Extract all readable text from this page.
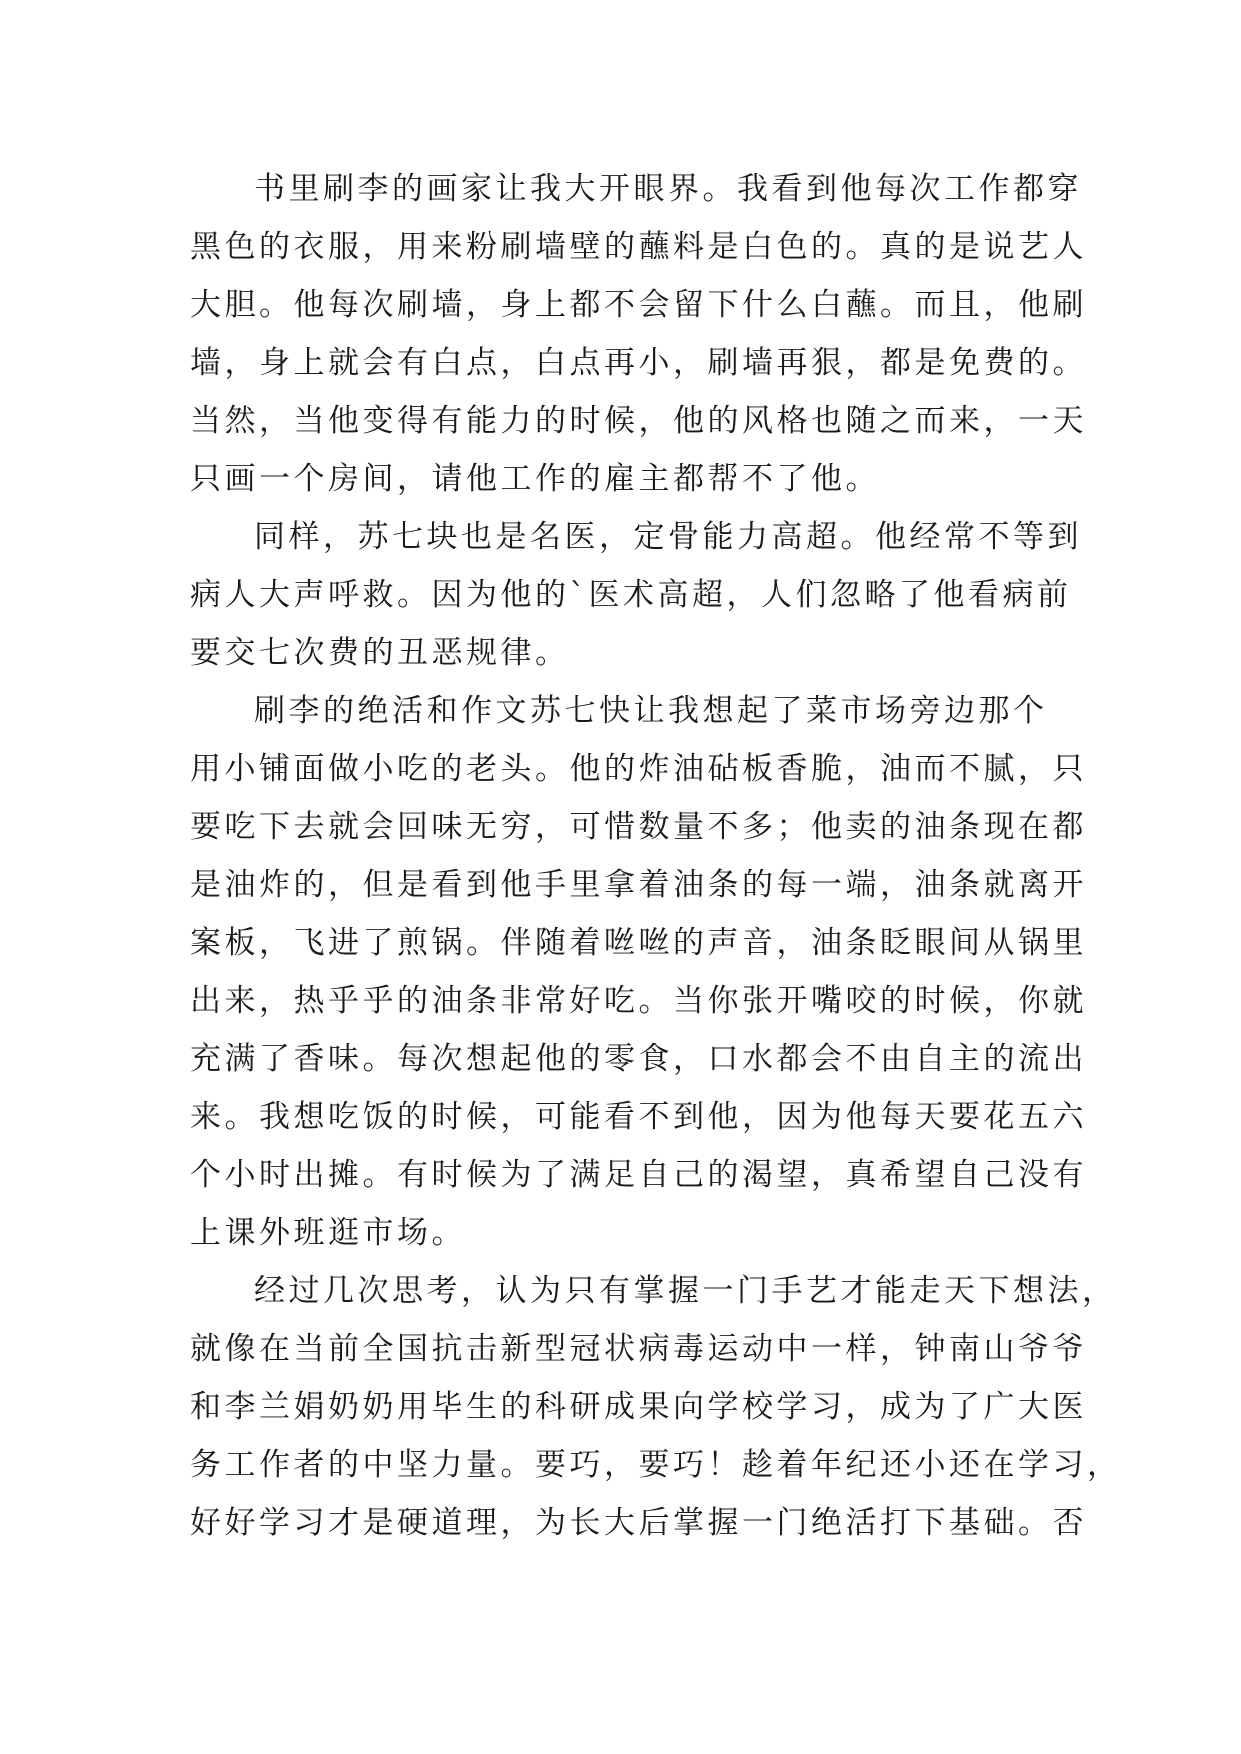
书里刷李的画家让我大开眼界。我看到他每次工作都穿
黑色的衣服，用来粉刷墙壁的蘸料是白色的。真的是说艺人
大胆。他每次刷墙，身上都不会留下什么白蘸。而且，他刷
墙，身上就会有白点，白点再小，刷墙再狠，都是免费的。
当然，当他变得有能力的时候，他的风格也随之而来，一天
只画一个房间，请他工作的雇主都帮不了他。
同样，苏七块也是名医，定骨能力高超。他经常不等到
病人大声呼救。因为他的`医术高超，人们忽略了他看病前
要交七次费的丑恶规律。
刷李的绝活和作文苏七快让我想起了菜市场旁边那个
用小铺面做小吃的老头。他的炸油砧板香脆，油而不腻，只
要吃下去就会回味无穷，可惜数量不多；他卖的油条现在都
是油炸的，但是看到他手里拿着油条的每一端，油条就离开
案板，飞进了煎锅。伴随着咝咝的声音，油条眨眼间从锅里
出来，热乎乎的油条非常好吃。当你张开嘴咬的时候，你就
充满了香味。每次想起他的零食，口水都会不由自主的流出
来。我想吃饭的时候，可能看不到他，因为他每天要花五六
个小时出摊。有时候为了满足自己的渴望，真希望自己没有
上课外班逛市场。
经过几次思考，认为只有掌握一门手艺才能走天下想法，
就像在当前全国抗击新型冠状病毒运动中一样，钟南山爷爷
和李兰娟奶奶用毕生的科研成果向学校学习，成为了广大医
务工作者的中坚力量。要巧，要巧！趁着年纪还小还在学习，
好好学习才是硬道理，为长大后掌握一门绝活打下基础。否
